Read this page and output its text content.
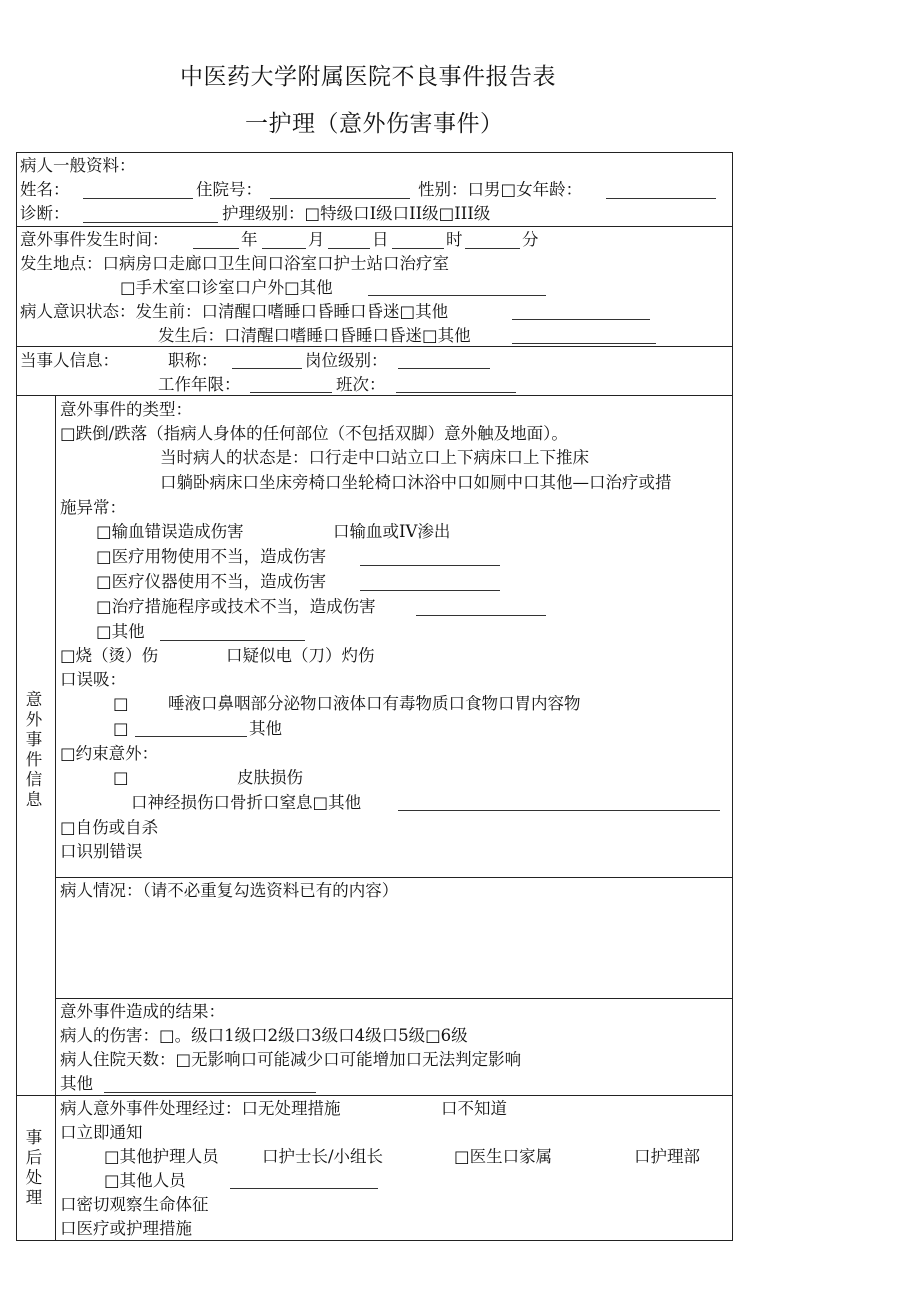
中医药大学附属医院不良事件报告表
一护理（意外伤害事件）
病人一般资料：
姓名：	住院号：	性别：口男□女年龄：
诊断：	护理级别：□特级口I级口II级□III级
意外事件发生时间：	年	月	日	时	分
发生地点：口病房口走廊口卫生间口浴室口护士站口治疗室
□手术室口诊室口户外□其他
病人意识状态：发生前：口清醒口嗜睡口昏睡口昏迷□其他
发生后：口清醒口嗜睡口昏睡口昏迷□其他
当事人信息：	职称：	岗位级别：
工作年限：	班次：
意外事件信息
意外事件的类型：
□跌倒/跌落（指病人身体的任何部位（不包括双脚）意外触及地面）。
当时病人的状态是：口行走中口站立口上下病床口上下推床
口躺卧病床口坐床旁椅口坐轮椅口沐浴中口如厕中口其他—口治疗或措
施异常：
□输血错误造成伤害	口输血或IV渗出
□医疗用物使用不当，造成伤害
□医疗仪器使用不当，造成伤害
□治疗措施程序或技术不当，造成伤害
□其他
□烧（烫）伤	口疑似电（刀）灼伤
口误吸：
□ 唾液口鼻咽部分泌物口液体口有毒物质口食物口胃内容物
□	其他
□约束意外：
□	皮肤损伤
口神经损伤口骨折口窒息□其他
□自伤或自杀
口识别错误
病人情况：（请不必重复勾选资料已有的内容）
意外事件造成的结果：
病人的伤害：□。级口1级口2级口3级口4级口5级□6级
病人住院天数：□无影响口可能减少口可能增加口无法判定影响
其他
事后处理
病人意外事件处理经过：口无处理措施	口不知道
口立即通知
□其他护理人员	口护士长/小组长	□医生口家属	口护理部
□其他人员
口密切观察生命体征
口医疗或护理措施
